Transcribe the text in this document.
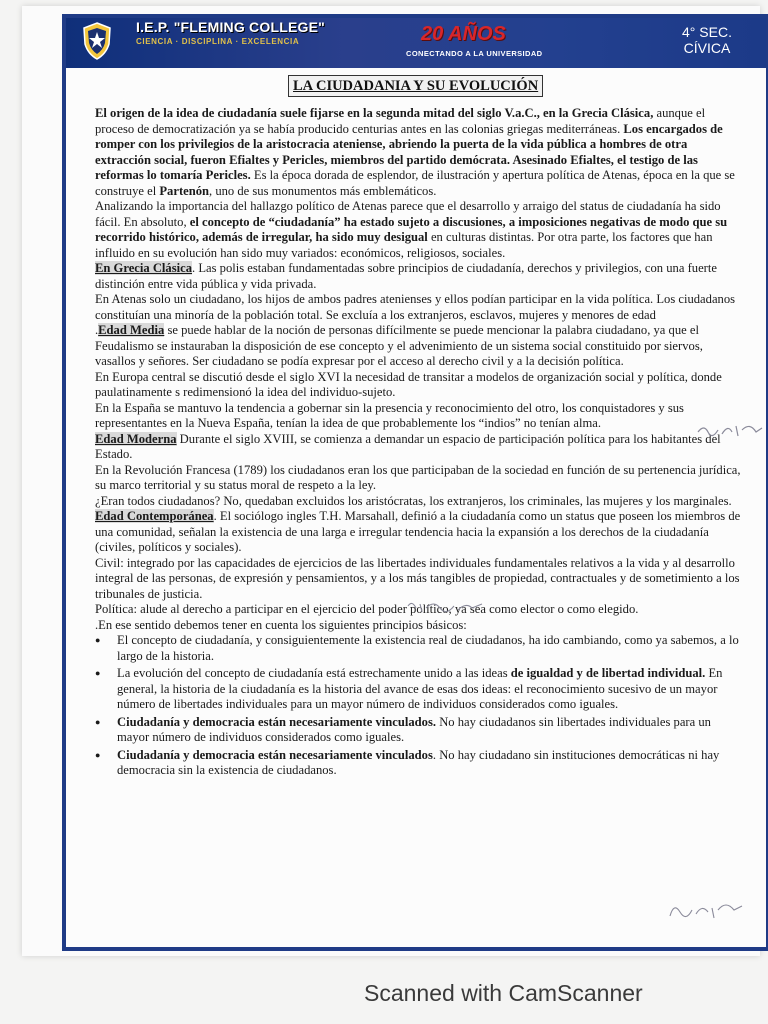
I.E.P. "FLEMING COLLEGE"
CIENCIA · DISCIPLINA · EXCELENCIA	20 AÑOS
CONECTANDO A LA UNIVERSIDAD
4° SEC.
CÍVICA
LA CIUDADANIA Y SU EVOLUCIÓN

El origen de la idea de ciudadanía suele fijarse en la segunda mitad del siglo V.a.C., en la Grecia Clásica, aunque el proceso de democratización ya se había producido centurias antes en las colonias griegas mediterráneas. Los encargados de romper con los privilegios de la aristocracia ateniense, abriendo la puerta de la vida pública a hombres de otra extracción social, fueron Efialtes y Pericles, miembros del partido demócrata. Asesinado Efialtes, el testigo de las reformas lo tomaría Pericles. Es la época dorada de esplendor, de ilustración y apertura política de Atenas, época en la que se construye el Partenón, uno de sus monumentos más emblemáticos.

Analizando la importancia del hallazgo político de Atenas parece que el desarrollo y arraigo del status de ciudadanía ha sido fácil. En absoluto, el concepto de “ciudadanía” ha estado sujeto a discusiones, a imposiciones negativas de modo que su recorrido histórico, además de irregular, ha sido muy desigual en culturas distintas. Por otra parte, los factores que han influido en su evolución han sido muy variados: económicos, religiosos, sociales.

En Grecia Clásica. Las polis estaban fundamentadas sobre principios de ciudadanía, derechos y privilegios, con una fuerte distinción entre vida pública y vida privada.

En Atenas solo un ciudadano, los hijos de ambos padres atenienses y ellos podían participar en la vida política. Los ciudadanos constituían una minoría de la población total. Se excluía a los extranjeros, esclavos, mujeres y menores de edad

.Edad Media se puede hablar de la noción de personas difícilmente se puede mencionar la palabra ciudadano, ya que el Feudalismo se instauraban la disposición de ese concepto y el advenimiento de un sistema social constituido por siervos, vasallos y señores. Ser ciudadano se podía expresar por el acceso al derecho civil y a la decisión política.

En Europa central se discutió desde el siglo XVI la necesidad de transitar a modelos de organización social y política, donde paulatinamente s redimensionó la idea del individuo-sujeto.

En la España se mantuvo la tendencia a gobernar sin la presencia y reconocimiento del otro, los conquistadores y sus representantes en la Nueva España, tenían la idea de que probablemente los “indios” no tenían alma.

Edad Moderna Durante el siglo XVIII, se comienza a demandar un espacio de participación política para los habitantes del Estado.

En la Revolución Francesa (1789) los ciudadanos eran los que participaban de la sociedad en función de su pertenencia jurídica, su marco territorial y su status moral de respeto a la ley.

¿Eran todos ciudadanos? No, quedaban excluidos los aristócratas, los extranjeros, los criminales, las mujeres y los marginales.

Edad Contemporánea. El sociólogo ingles T.H. Marsahall, definió a la ciudadanía como un status que poseen los miembros de una comunidad, señalan la existencia de una larga e irregular tendencia hacia la expansión a los derechos de la ciudadanía (civiles, políticos y sociales).

Civil: integrado por las capacidades de ejercicios de las libertades individuales fundamentales relativos a la vida y al desarrollo integral de las personas, de expresión y pensamientos, y a los más tangibles de propiedad, contractuales y de sometimiento a los tribunales de justicia.

Política: alude al derecho a participar en el ejercicio del poder político, ya sea como elector o como elegido.

.En ese sentido debemos tener en cuenta los siguientes principios básicos:

● El concepto de ciudadanía, y consiguientemente la existencia real de ciudadanos, ha ido cambiando, como ya sabemos, a lo largo de la historia.
● La evolución del concepto de ciudadanía está estrechamente unido a las ideas de igualdad y de libertad individual. En general, la historia de la ciudadanía es la historia del avance de esas dos ideas: el reconocimiento sucesivo de un mayor número de libertades individuales para un mayor número de individuos considerados como iguales.
● Ciudadanía y democracia están necesariamente vinculados. No hay ciudadanos sin libertades individuales para un mayor número de individuos considerados como iguales.
● Ciudadanía y democracia están necesariamente vinculados. No hay ciudadano sin instituciones democráticas ni hay democracia sin la existencia de ciudadanos.
Scanned with CamScanner
